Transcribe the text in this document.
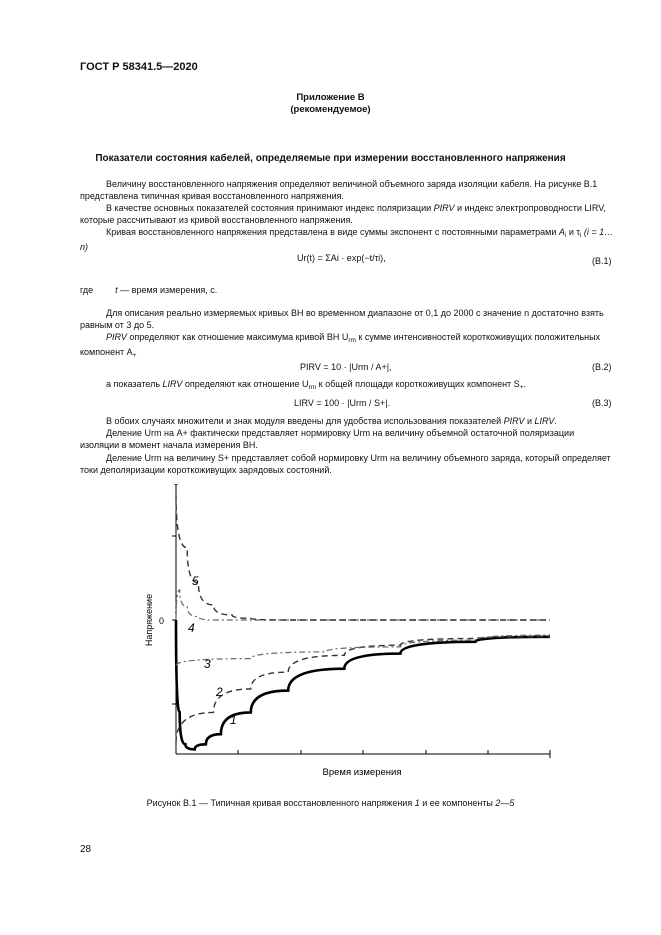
ГОСТ Р 58341.5—2020
Приложение В
(рекомендуемое)
Показатели состояния кабелей, определяемые при измерении восстановленного напряжения
Величину восстановленного напряжения определяют величиной объемного заряда изоляции кабеля. На рисунке В.1 представлена типичная кривая восстановленного напряжения.
В качестве основных показателей состояния принимают индекс поляризации PIRV и индекс электропроводности LIRV, которые рассчитывают из кривой восстановленного напряжения.
Кривая восстановленного напряжения представлена в виде суммы экспонент с постоянными параметрами $A_i$ и $\tau_i$ (i = 1…n)
Ur(t) = ΣAi · exp(−t/τi),	(B.1)
где t — время измерения, с.
Для описания реально измеряемых кривых ВН во временном диапазоне от 0,1 до 2000 с значение n достаточно взять равным от 3 до 5.
PIRV определяют как отношение максимума кривой ВН $U_{rm}$ к сумме интенсивностей короткоживущих положительных компонент $A_+$
PIRV = 10 · |Urm / A+|,	(B.2)
а показатель LIRV определяют как отношение $U_{rm}$ к общей площади короткоживущих компонент $S_+$.
LIRV = 100 · |Urm / S+|.	(B.3)
В обоих случаях множители и знак модуля введены для удобства использования показателей PIRV и LIRV.
Деление Urm на A+ фактически представляет нормировку Urm на величину объемной остаточной поляризации изоляции в момент начала измерения ВН.
Деление Urm на величину S+ представляет собой нормировку Urm на величину объемного заряда, который определяет токи деполяризации короткоживущих зарядовых состояний.
0
Напряжение
Время измерения
1
2
3
4
5
Рисунок В.1 — Типичная кривая восстановленного напряжения 1 и ее компоненты 2—5
28
